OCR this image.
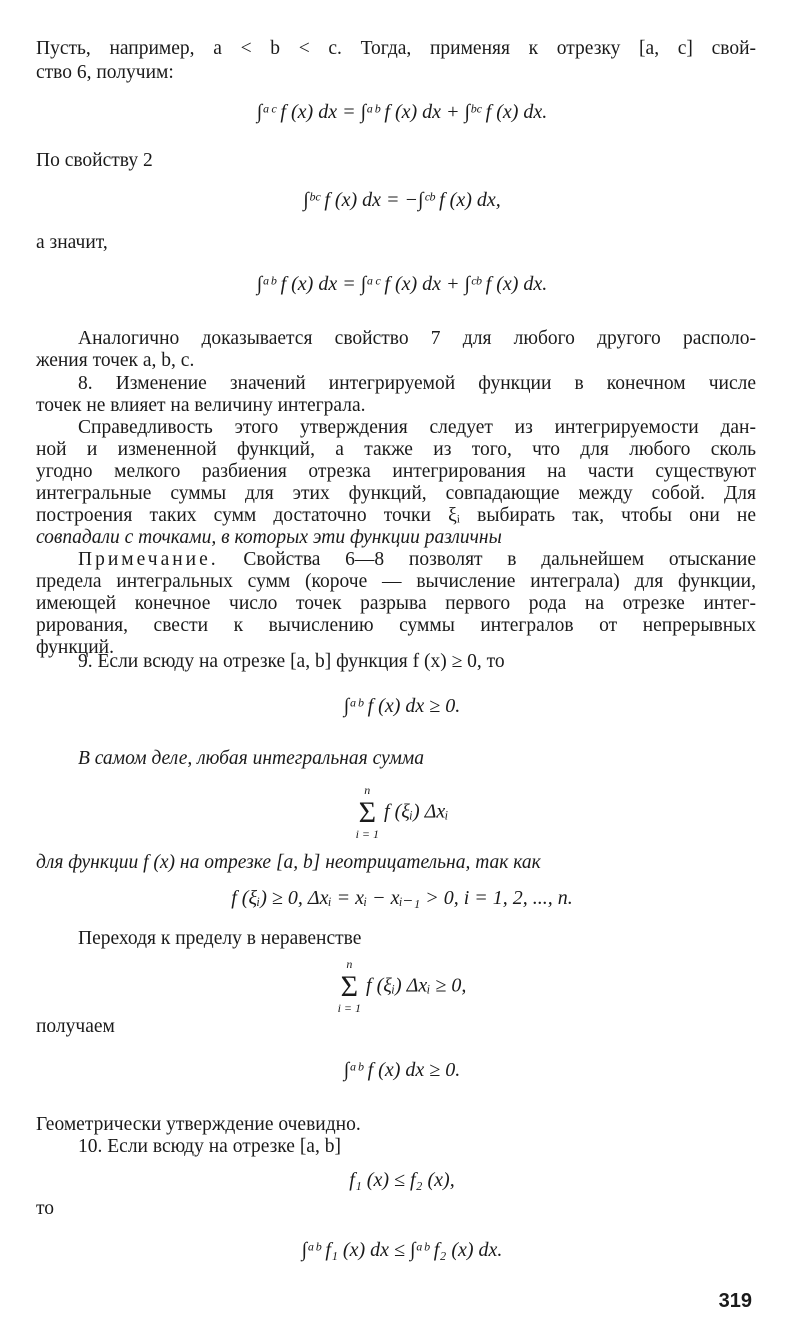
Пусть, например, a < b < c. Тогда, применяя к отрезку [a, c] свой-
ство 6, получим:
∫ᵃᶜ f (x) dx = ∫ᵃᵇ f (x) dx + ∫ᵇᶜ f (x) dx.
По свойству 2
∫ᵇᶜ f (x) dx = −∫ᶜᵇ f (x) dx,
а значит,
∫ᵃᵇ f (x) dx = ∫ᵃᶜ f (x) dx + ∫ᶜᵇ f (x) dx.
Аналогично доказывается свойство 7 для любого другого располо-
жения точек a, b, c.
8. Изменение значений интегрируемой функции в конечном числе
точек не влияет на величину интеграла.
Справедливость этого утверждения следует из интегрируемости дан-
ной и измененной функций, а также из того, что для любого сколь
угодно мелкого разбиения отрезка интегрирования на части существуют
интегральные суммы для этих функций, совпадающие между собой. Для
построения таких сумм достаточно точки ξᵢ выбирать так, чтобы они не
совпадали с точками, в которых эти функции различны
Примечание. Свойства 6—8 позволят в дальнейшем отыскание
предела интегральных сумм (короче — вычисление интеграла) для функции,
имеющей конечное число точек разрыва первого рода на отрезке интег-
рирования, свести к вычислению суммы интегралов от непрерывных
функций.
9. Если всюду на отрезке [a, b] функция f (x) ≥ 0, то
∫ᵃᵇ f (x) dx ≥ 0.
В самом деле, любая интегральная сумма
n
Σ
i = 1
f (ξᵢ) Δxᵢ
для функции f (x) на отрезке [a, b] неотрицательна, так как
f (ξᵢ) ≥ 0, Δxᵢ = xᵢ − xᵢ₋₁ > 0, i = 1, 2, ..., n.
Переходя к пределу в неравенстве
n
Σ
i = 1
f (ξᵢ) Δxᵢ ≥ 0,
получаем
∫ᵃᵇ f (x) dx ≥ 0.
Геометрически утверждение очевидно.
10. Если всюду на отрезке [a, b]
f₁ (x) ≤ f₂ (x),
то
∫ᵃᵇ f₁ (x) dx ≤ ∫ᵃᵇ f₂ (x) dx.
319
